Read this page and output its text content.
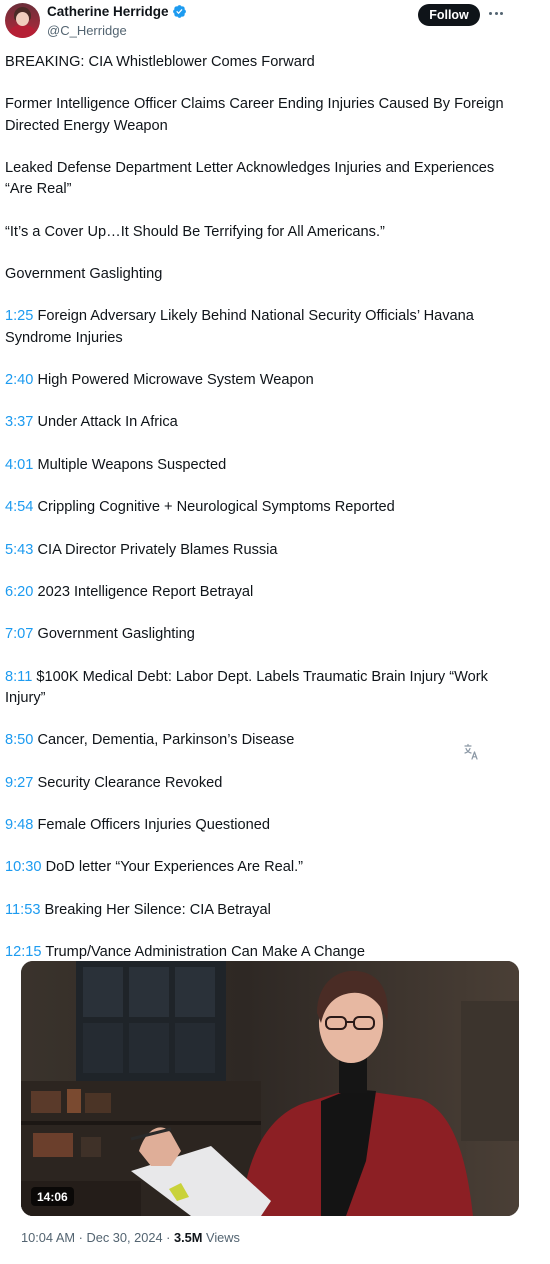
Catherine Herridge
@C_Herridge
Follow
BREAKING: CIA Whistleblower Comes Forward
Former Intelligence Officer Claims Career Ending Injuries Caused By Foreign Directed Energy Weapon
Leaked Defense Department Letter Acknowledges Injuries and Experiences “Are Real”
“It’s a Cover Up…It Should Be Terrifying for All Americans.”
Government Gaslighting
1:25 Foreign Adversary Likely Behind National Security Officials’ Havana Syndrome Injuries
2:40 High Powered Microwave System Weapon
3:37 Under Attack In Africa
4:01 Multiple Weapons Suspected
4:54 Crippling Cognitive + Neurological Symptoms Reported
5:43 CIA Director Privately Blames Russia
6:20 2023 Intelligence Report Betrayal
7:07 Government Gaslighting
8:11 $100K Medical Debt: Labor Dept. Labels Traumatic Brain Injury “Work Injury”
8:50 Cancer, Dementia, Parkinson’s Disease
9:27 Security Clearance Revoked
9:48 Female Officers Injuries Questioned
10:30 DoD letter “Your Experiences Are Real.”
11:53 Breaking Her Silence: CIA Betrayal
12:15 Trump/Vance Administration Can Make A Change
14:06
10:04 AM · Dec 30, 2024 · 3.5M Views
